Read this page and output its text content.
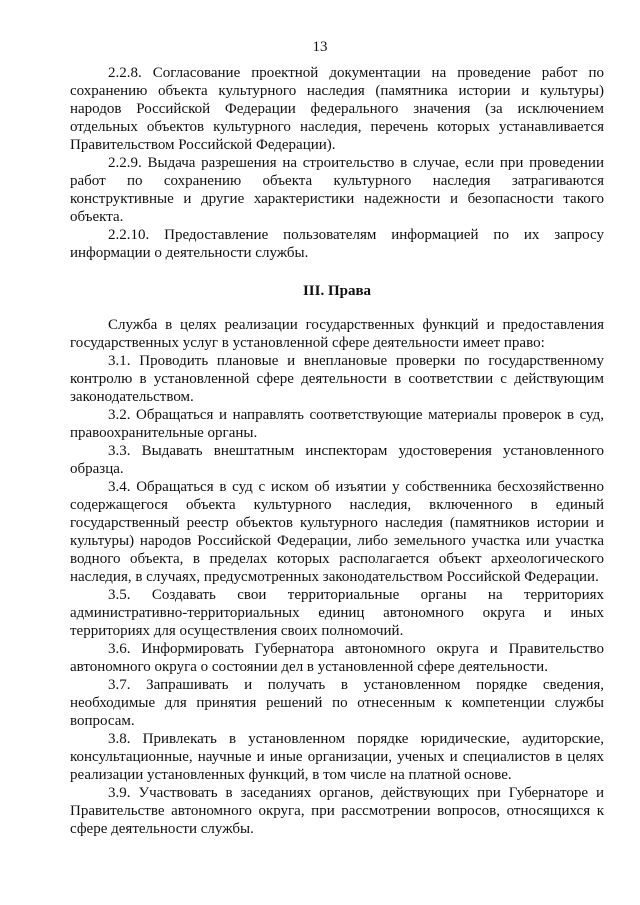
13

2.2.8. Согласование проектной документации на проведение работ по сохранению объекта культурного наследия (памятника истории и культуры) народов Российской Федерации федерального значения (за исключением отдельных объектов культурного наследия, перечень которых устанавливается Правительством Российской Федерации).

2.2.9. Выдача разрешения на строительство в случае, если при проведении работ по сохранению объекта культурного наследия затрагиваются конструктивные и другие характеристики надежности и безопасности такого объекта.

2.2.10. Предоставление пользователям информацией по их запросу информации о деятельности службы.

III. Права

Служба в целях реализации государственных функций и предоставления государственных услуг в установленной сфере деятельности имеет право:

3.1. Проводить плановые и внеплановые проверки по государственному контролю в установленной сфере деятельности в соответствии с действующим законодательством.

3.2. Обращаться и направлять соответствующие материалы проверок в суд, правоохранительные органы.

3.3. Выдавать внештатным инспекторам удостоверения установленного образца.

3.4. Обращаться в суд с иском об изъятии у собственника бесхозяйственно содержащегося объекта культурного наследия, включенного в единый государственный реестр объектов культурного наследия (памятников истории и культуры) народов Российской Федерации, либо земельного участка или участка водного объекта, в пределах которых располагается объект археологического наследия, в случаях, предусмотренных законодательством Российской Федерации.

3.5. Создавать свои территориальные органы на территориях административно-территориальных единиц автономного округа и иных территориях для осуществления своих полномочий.

3.6. Информировать Губернатора автономного округа и Правительство автономного округа о состоянии дел в установленной сфере деятельности.

3.7. Запрашивать и получать в установленном порядке сведения, необходимые для принятия решений по отнесенным к компетенции службы вопросам.

3.8. Привлекать в установленном порядке юридические, аудиторские, консультационные, научные и иные организации, ученых и специалистов в целях реализации установленных функций, в том числе на платной основе.

3.9. Участвовать в заседаниях органов, действующих при Губернаторе и Правительстве автономного округа, при рассмотрении вопросов, относящихся к сфере деятельности службы.
